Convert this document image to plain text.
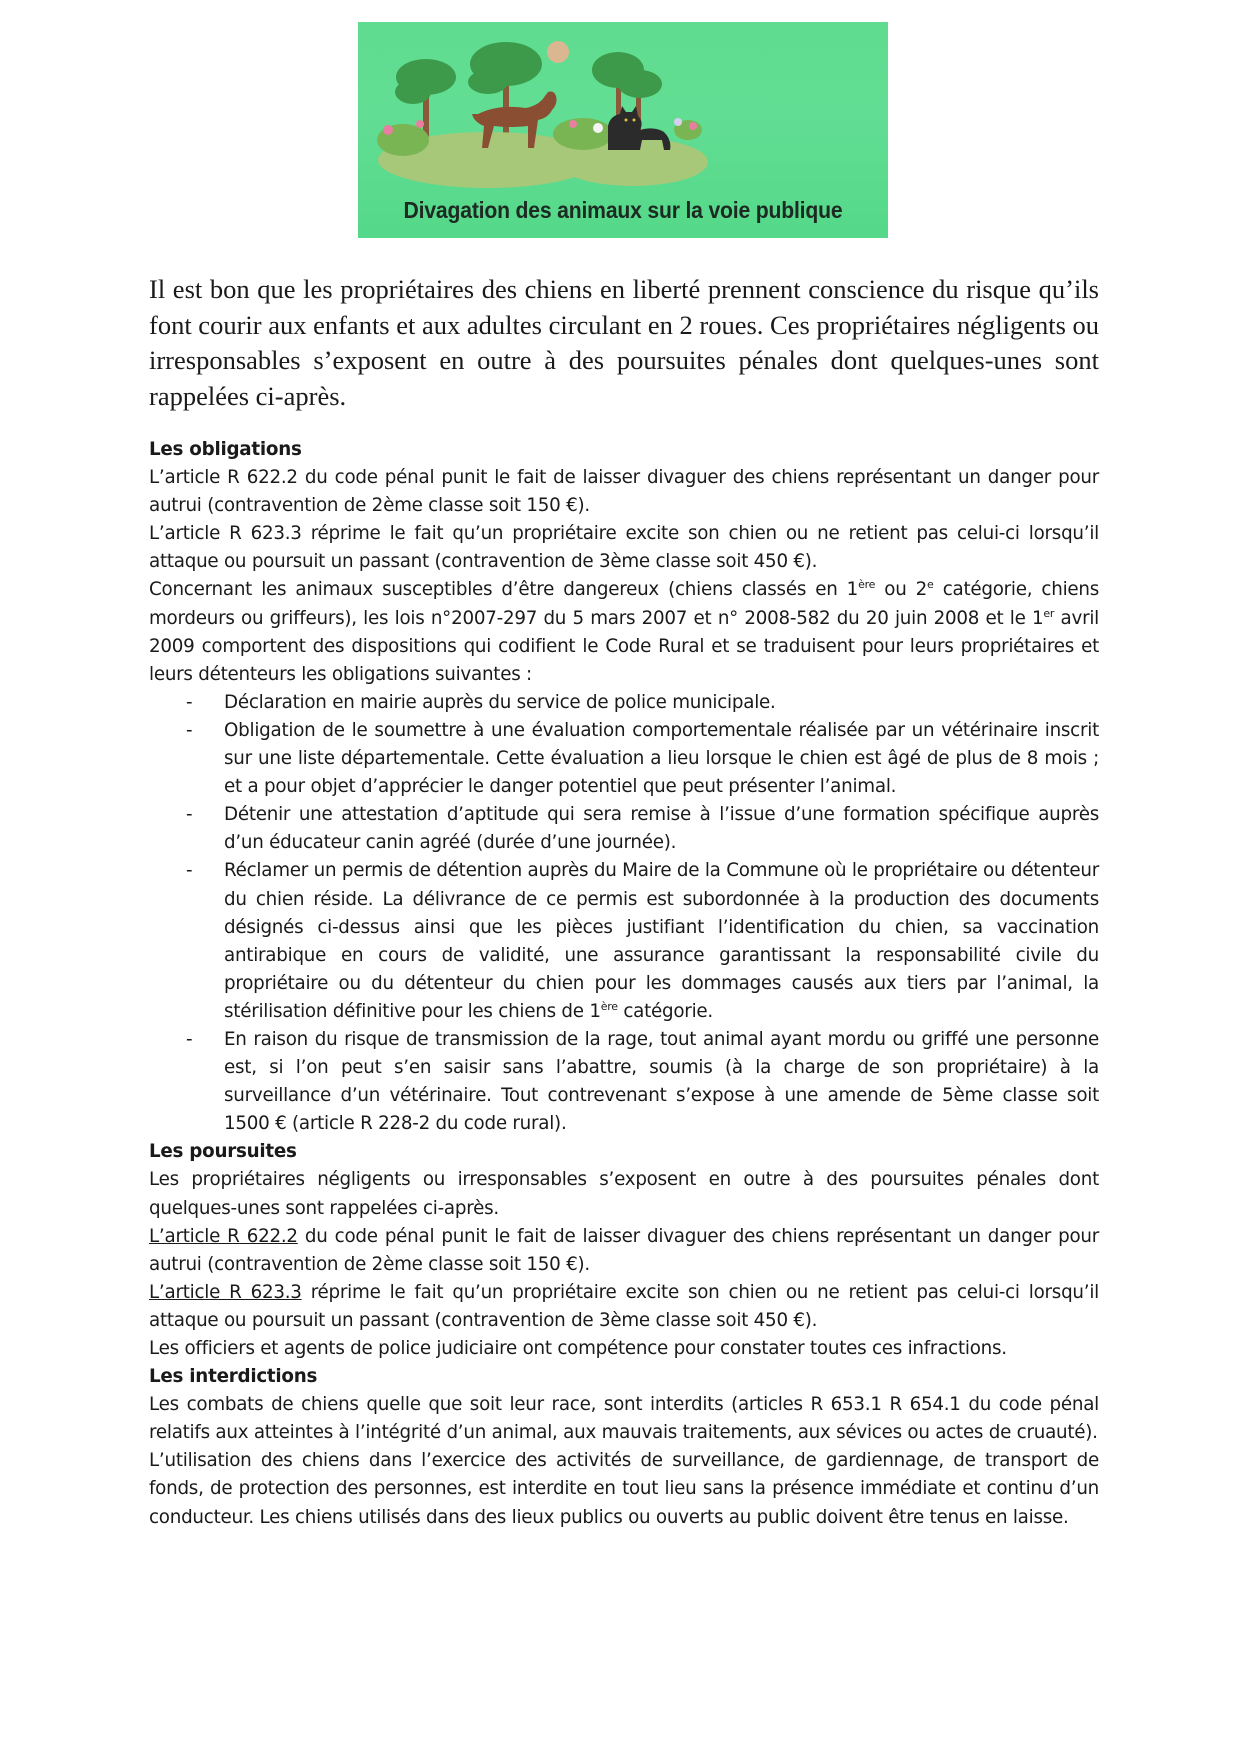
Divagation des animaux sur la voie publique

Il est bon que les propriétaires des chiens en liberté prennent conscience du risque qu’ils font courir aux enfants et aux adultes circulant en 2 roues. Ces propriétaires négligents ou irresponsables s’exposent en outre à des poursuites pénales dont quelques-unes sont rappelées ci-après.

Les obligations

L’article R 622.2 du code pénal punit le fait de laisser divaguer des chiens représentant un danger pour autrui (contravention de 2ème classe soit 150 €).

L’article R 623.3 réprime le fait qu’un propriétaire excite son chien ou ne retient pas celui-ci lorsqu’il attaque ou poursuit un passant (contravention de 3ème classe soit 450 €).

Concernant les animaux susceptibles d’être dangereux (chiens classés en 1ère ou 2e catégorie, chiens mordeurs ou griffeurs), les lois n°2007-297 du 5 mars 2007 et n° 2008-582 du 20 juin 2008 et le 1er avril 2009 comportent des dispositions qui codifient le Code Rural et se traduisent pour leurs propriétaires et leurs détenteurs les obligations suivantes :

- Déclaration en mairie auprès du service de police municipale.
- Obligation de le soumettre à une évaluation comportementale réalisée par un vétérinaire inscrit sur une liste départementale. Cette évaluation a lieu lorsque le chien est âgé de plus de 8 mois ; et a pour objet d’apprécier le danger potentiel que peut présenter l’animal.
- Détenir une attestation d’aptitude qui sera remise à l’issue d’une formation spécifique auprès d’un éducateur canin agréé (durée d’une journée).
- Réclamer un permis de détention auprès du Maire de la Commune où le propriétaire ou détenteur du chien réside. La délivrance de ce permis est subordonnée à la production des documents désignés ci-dessus ainsi que les pièces justifiant l’identification du chien, sa vaccination antirabique en cours de validité, une assurance garantissant la responsabilité civile du propriétaire ou du détenteur du chien pour les dommages causés aux tiers par l’animal, la stérilisation définitive pour les chiens de 1ère catégorie.
- En raison du risque de transmission de la rage, tout animal ayant mordu ou griffé une personne est, si l’on peut s’en saisir sans l’abattre, soumis (à la charge de son propriétaire) à la surveillance d’un vétérinaire. Tout contrevenant s’expose à une amende de 5ème classe soit 1500 € (article R 228-2 du code rural).
Les poursuites

Les propriétaires négligents ou irresponsables s’exposent en outre à des poursuites pénales dont quelques-unes sont rappelées ci-après.

L’article R 622.2 du code pénal punit le fait de laisser divaguer des chiens représentant un danger pour autrui (contravention de 2ème classe soit 150 €).

L’article R 623.3 réprime le fait qu’un propriétaire excite son chien ou ne retient pas celui-ci lorsqu’il attaque ou poursuit un passant (contravention de 3ème classe soit 450 €).

Les officiers et agents de police judiciaire ont compétence pour constater toutes ces infractions.

Les interdictions

Les combats de chiens quelle que soit leur race, sont interdits (articles R 653.1 R 654.1 du code pénal relatifs aux atteintes à l’intégrité d’un animal, aux mauvais traitements, aux sévices ou actes de cruauté).

L’utilisation des chiens dans l’exercice des activités de surveillance, de gardiennage, de transport de fonds, de protection des personnes, est interdite en tout lieu sans la présence immédiate et continu d’un conducteur. Les chiens utilisés dans des lieux publics ou ouverts au public doivent être tenus en laisse.
